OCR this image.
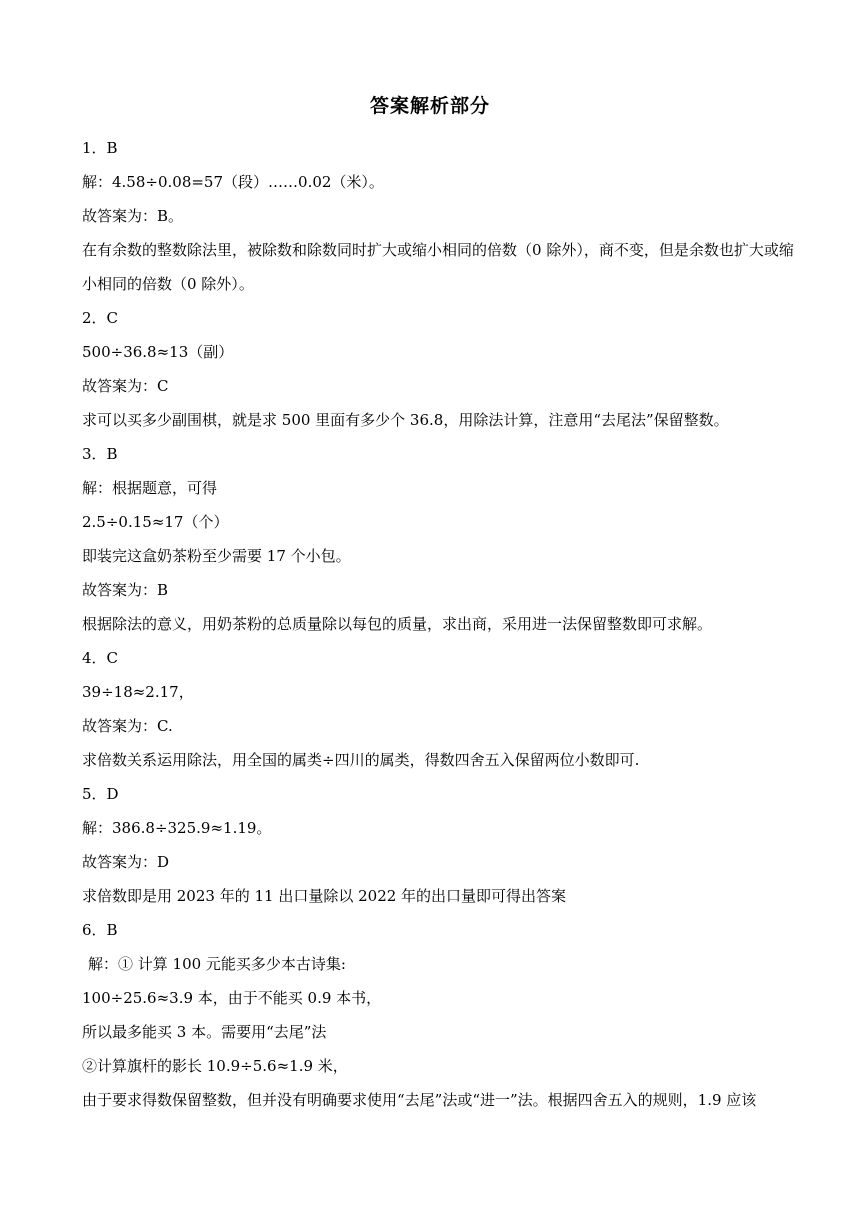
答案解析部分
1．B
解：4.58÷0.08=57（段）……0.02（米）。
故答案为：B。
在有余数的整数除法里，被除数和除数同时扩大或缩小相同的倍数（0 除外），商不变，但是余数也扩大或缩小相同的倍数（0 除外）。
2．C
500÷36.8≈13（副）
故答案为：C
求可以买多少副围棋，就是求 500 里面有多少个 36.8，用除法计算，注意用“去尾法”保留整数。
3．B
解：根据题意，可得
2.5÷0.15≈17（个）
即装完这盒奶茶粉至少需要 17 个小包。
故答案为：B
根据除法的意义，用奶茶粉的总质量除以每包的质量，求出商，采用进一法保留整数即可求解。
4．C
39÷18≈2.17，
故答案为：C.
求倍数关系运用除法，用全国的属类÷四川的属类，得数四舍五入保留两位小数即可.
5．D
解：386.8÷325.9≈1.19。
故答案为：D
求倍数即是用 2023 年的 11 出口量除以 2022 年的出口量即可得出答案
6．B
解：① 计算 100 元能买多少本古诗集:
100÷25.6≈3.9 本，由于不能买 0.9 本书，
所以最多能买 3 本。需要用“去尾”法
②计算旗杆的影长 10.9÷5.6≈1.9 米，
由于要求得数保留整数，但并没有明确要求使用“去尾”法或“进一”法。根据四舍五入的规则，1.9 应该
